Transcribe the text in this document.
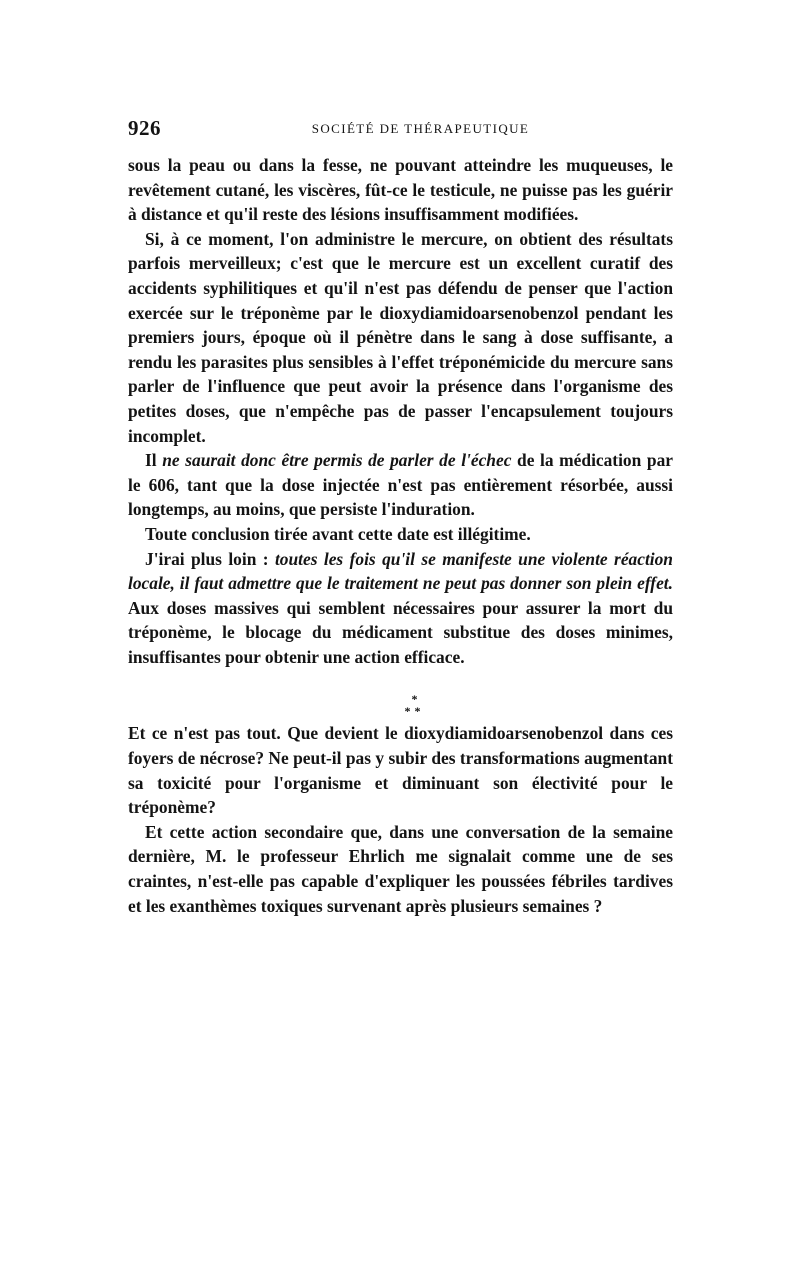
926	SOCIÉTÉ DE THÉRAPEUTIQUE

sous la peau ou dans la fesse, ne pouvant atteindre les muqueuses, le revêtement cutané, les viscères, fût-ce le testicule, ne puisse pas les guérir à distance et qu'il reste des lésions insuffisamment modifiées.

Si, à ce moment, l'on administre le mercure, on obtient des résultats parfois merveilleux; c'est que le mercure est un excellent curatif des accidents syphilitiques et qu'il n'est pas défendu de penser que l'action exercée sur le tréponème par le dioxydiamidoarsenobenzol pendant les premiers jours, époque où il pénètre dans le sang à dose suffisante, a rendu les parasites plus sensibles à l'effet tréponémicide du mercure sans parler de l'influence que peut avoir la présence dans l'organisme des petites doses, que n'empêche pas de passer l'encapsulement toujours incomplet.

Il ne saurait donc être permis de parler de l'échec de la médication par le 606, tant que la dose injectée n'est pas entièrement résorbée, aussi longtemps, au moins, que persiste l'induration.

Toute conclusion tirée avant cette date est illégitime.

J'irai plus loin : toutes les fois qu'il se manifeste une violente réaction locale, il faut admettre que le traitement ne peut pas donner son plein effet. Aux doses massives qui semblent nécessaires pour assurer la mort du tréponème, le blocage du médicament substitue des doses minimes, insuffisantes pour obtenir une action efficace.

*
**

Et ce n'est pas tout. Que devient le dioxydiamidoarsenobenzol dans ces foyers de nécrose? Ne peut-il pas y subir des transformations augmentant sa toxicité pour l'organisme et diminuant son électivité pour le tréponème?

Et cette action secondaire que, dans une conversation de la semaine dernière, M. le professeur Ehrlich me signalait comme une de ses craintes, n'est-elle pas capable d'expliquer les poussées fébriles tardives et les exanthèmes toxiques survenant après plusieurs semaines ?
